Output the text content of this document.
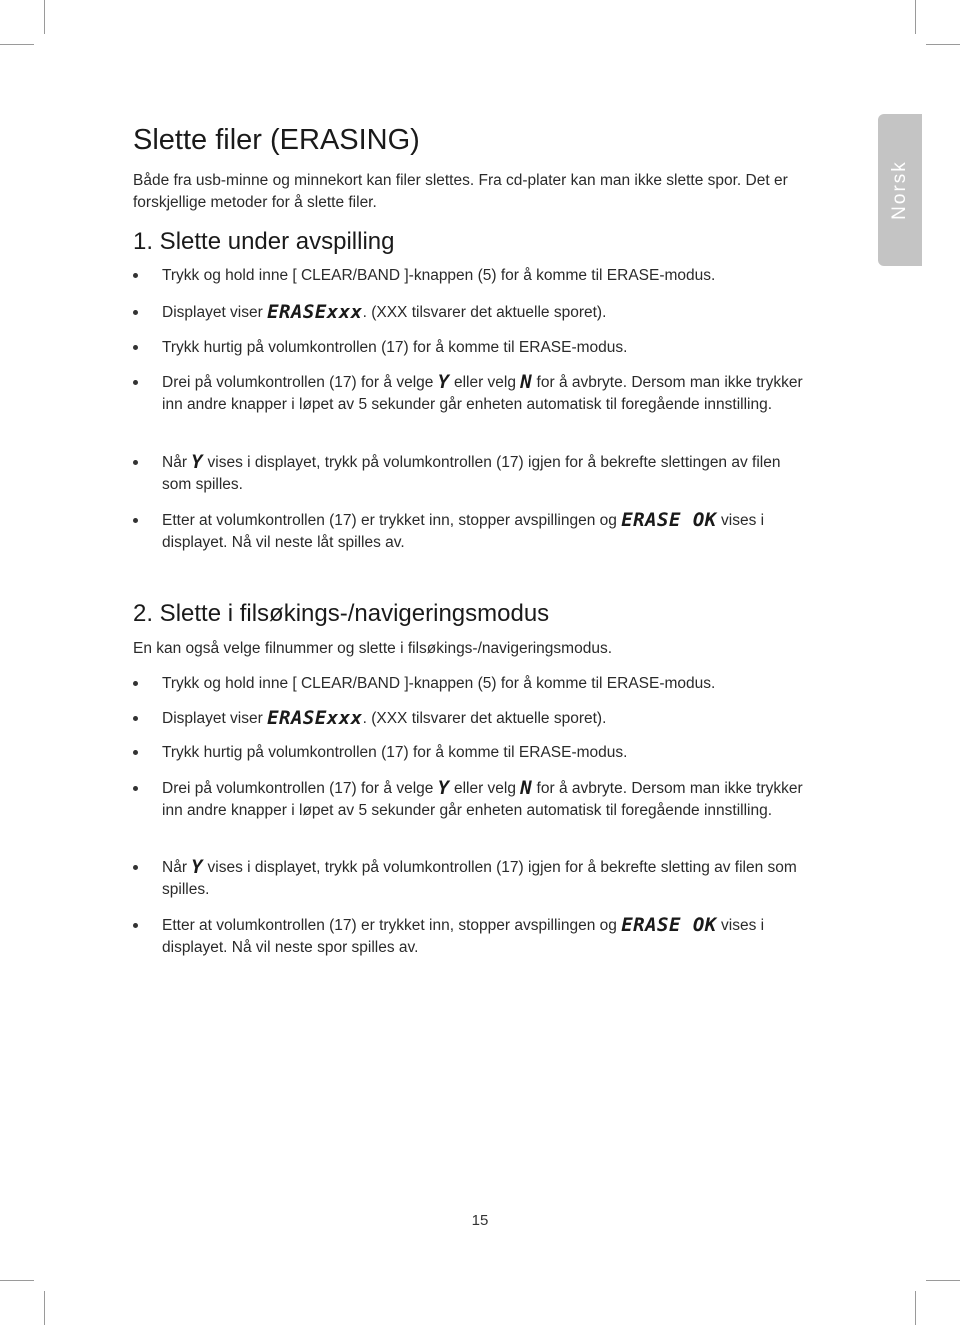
Norsk
Slette filer (ERASING)

Både fra usb-minne og minnekort kan filer slettes. Fra cd-plater kan man ikke slette spor. Det er forskjellige metoder for å slette filer.

1. Slette under avspilling

Trykk og hold inne [ CLEAR/BAND ]-knappen (5) for å komme til ERASE-modus.

Displayet viser ERASExxx. (XXX tilsvarer det aktuelle sporet).

Trykk hurtig på volumkontrollen (17) for å komme til ERASE-modus.

Drei på volumkontrollen (17) for å velge Y eller velg N for å avbryte. Dersom man ikke trykker inn andre knapper i løpet av 5 sekunder går enheten automatisk til foregående innstilling.

Når Y vises i displayet, trykk på volumkontrollen (17) igjen for å bekrefte slettingen av filen som spilles.

Etter at volumkontrollen (17) er trykket inn, stopper avspillingen og ERASE OK vises i displayet. Nå vil neste låt spilles av.

2. Slette i filsøkings-/navigeringsmodus

En kan også velge filnummer og slette i filsøkings-/navigeringsmodus.

Trykk og hold inne [ CLEAR/BAND ]-knappen (5) for å komme til ERASE-modus.

Displayet viser ERASExxx. (XXX tilsvarer det aktuelle sporet).

Trykk hurtig på volumkontrollen (17) for å komme til ERASE-modus.

Drei på volumkontrollen (17) for å velge Y eller velg N for å avbryte. Dersom man ikke trykker inn andre knapper i løpet av 5 sekunder går enheten automatisk til foregående innstilling.

Når Y vises i displayet, trykk på volumkontrollen (17) igjen for å bekrefte sletting av filen som spilles.

Etter at volumkontrollen (17) er trykket inn, stopper avspillingen og ERASE OK vises i displayet. Nå vil neste spor spilles av.

15
